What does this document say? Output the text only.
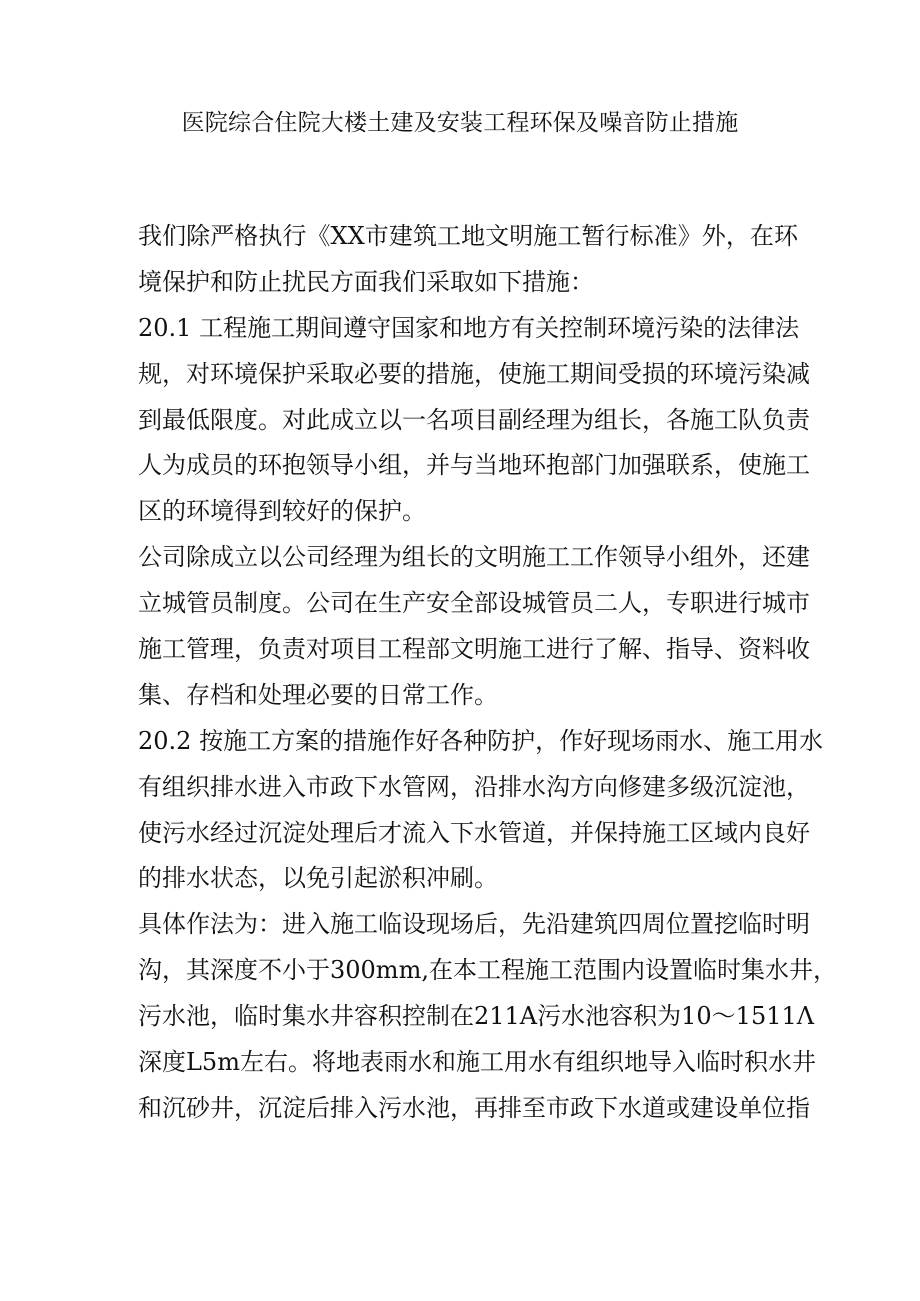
医院综合住院大楼土建及安装工程环保及噪音防止措施
我们除严格执行《XX市建筑工地文明施工暂行标准》外，在环
境保护和防止扰民方面我们采取如下措施：
20.1 工程施工期间遵守国家和地方有关控制环境污染的法律法
规，对环境保护采取必要的措施，使施工期间受损的环境污染减
到最低限度。对此成立以一名项目副经理为组长，各施工队负责
人为成员的环抱领导小组，并与当地环抱部门加强联系，使施工
区的环境得到较好的保护。
公司除成立以公司经理为组长的文明施工工作领导小组外，还建
立城管员制度。公司在生产安全部设城管员二人，专职进行城市
施工管理，负责对项目工程部文明施工进行了解、指导、资料收
集、存档和处理必要的日常工作。
20.2 按施工方案的措施作好各种防护，作好现场雨水、施工用水
有组织排水进入市政下水管网，沿排水沟方向修建多级沉淀池，
使污水经过沉淀处理后才流入下水管道，并保持施工区域内良好
的排水状态，以免引起淤积冲刷。
具体作法为：进入施工临设现场后，先沿建筑四周位置挖临时明
沟，其深度不小于300mm,在本工程施工范围内设置临时集水井，
污水池，临时集水井容积控制在211A污水池容积为10～1511Λ
深度L5m左右。将地表雨水和施工用水有组织地导入临时积水井
和沉砂井，沉淀后排入污水池，再排至市政下水道或建设单位指
